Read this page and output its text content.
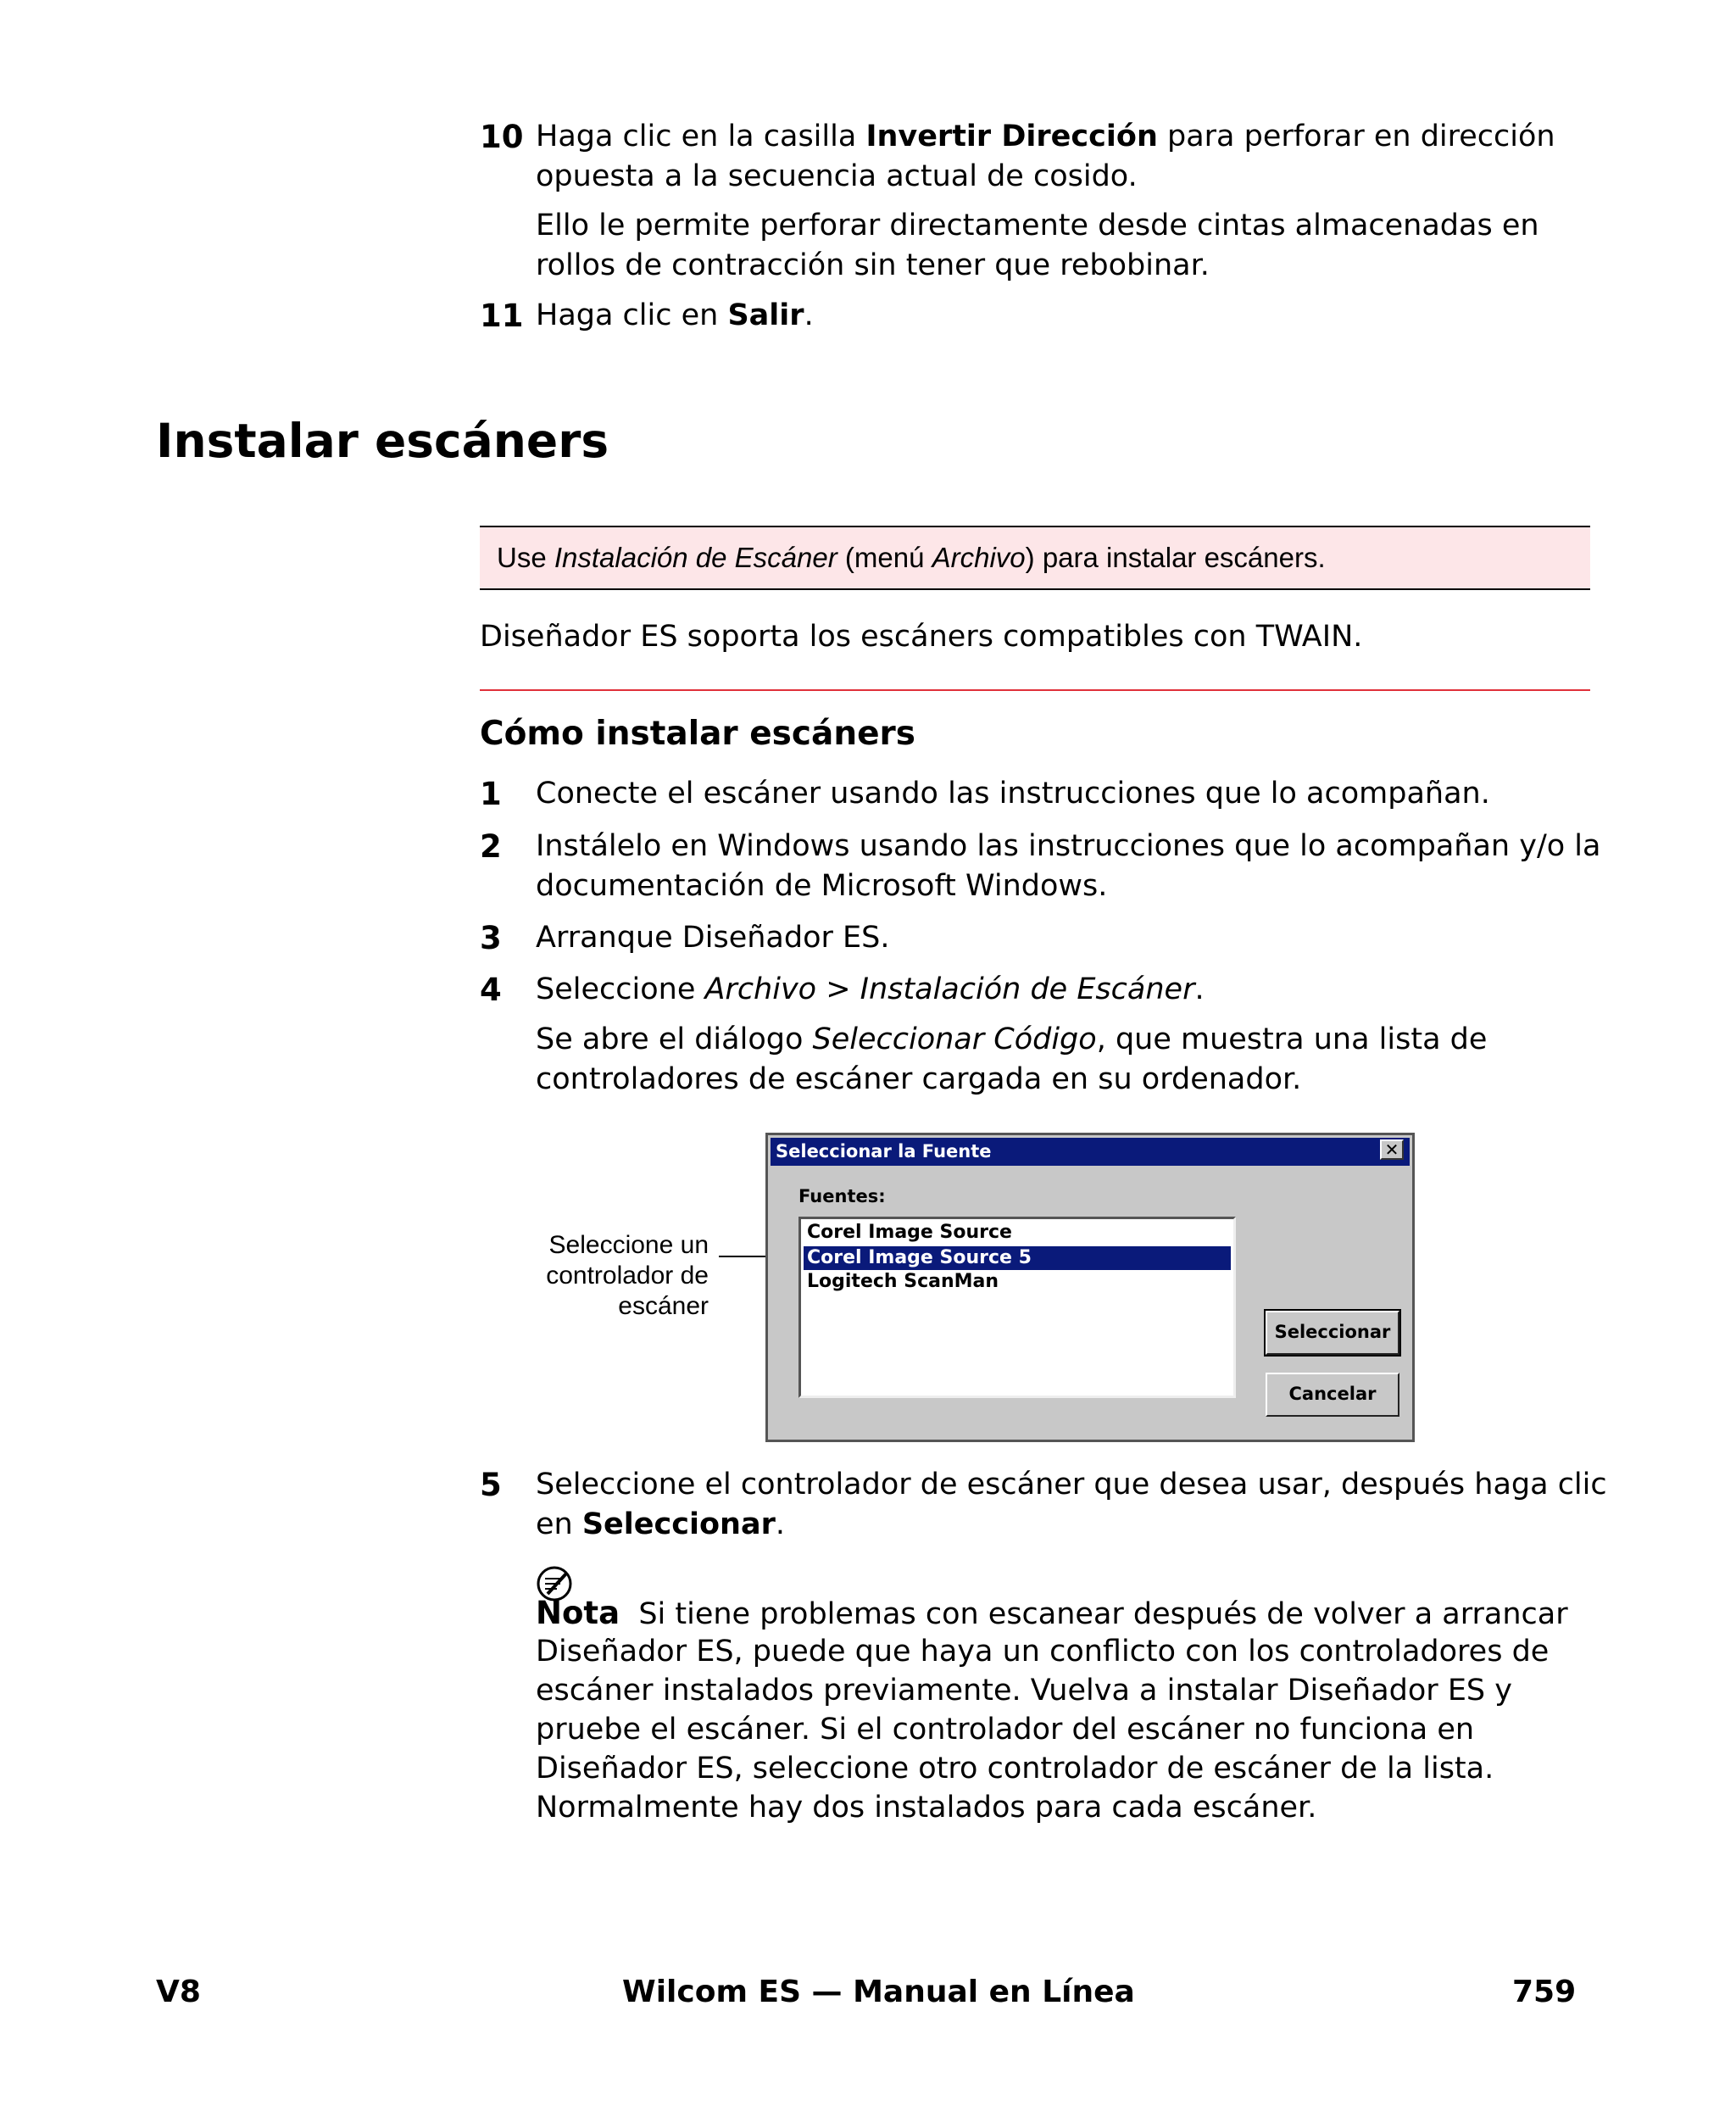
10 Haga clic en la casilla Invertir Dirección para perforar en dirección
opuesta a la secuencia actual de cosido.
Ello le permite perforar directamente desde cintas almacenadas en
rollos de contracción sin tener que rebobinar.
11 Haga clic en Salir.
Instalar escáners
Use Instalación de Escáner (menú Archivo) para instalar escáners.
Diseñador ES soporta los escáners compatibles con TWAIN.
Cómo instalar escáners
1 Conecte el escáner usando las instrucciones que lo acompañan.
2 Instálelo en Windows usando las instrucciones que lo acompañan y/o la
documentación de Microsoft Windows.
3 Arranque Diseñador ES.
4 Seleccione Archivo > Instalación de Escáner.
Se abre el diálogo Seleccionar Código, que muestra una lista de
controladores de escáner cargada en su ordenador.
Seleccione un
controlador de
escáner
Seleccionar la Fuente	✕
Fuentes:
Corel Image Source
Corel Image Source 5
Logitech ScanMan
Seleccionar
Cancelar
5 Seleccione el controlador de escáner que desea usar, después haga clic
en Seleccionar.
Nota Si tiene problemas con escanear después de volver a arrancar
Diseñador ES, puede que haya un conflicto con los controladores de
escáner instalados previamente. Vuelva a instalar Diseñador ES y
pruebe el escáner. Si el controlador del escáner no funciona en
Diseñador ES, seleccione otro controlador de escáner de la lista.
Normalmente hay dos instalados para cada escáner.
V8	Wilcom ES — Manual en Línea	759
